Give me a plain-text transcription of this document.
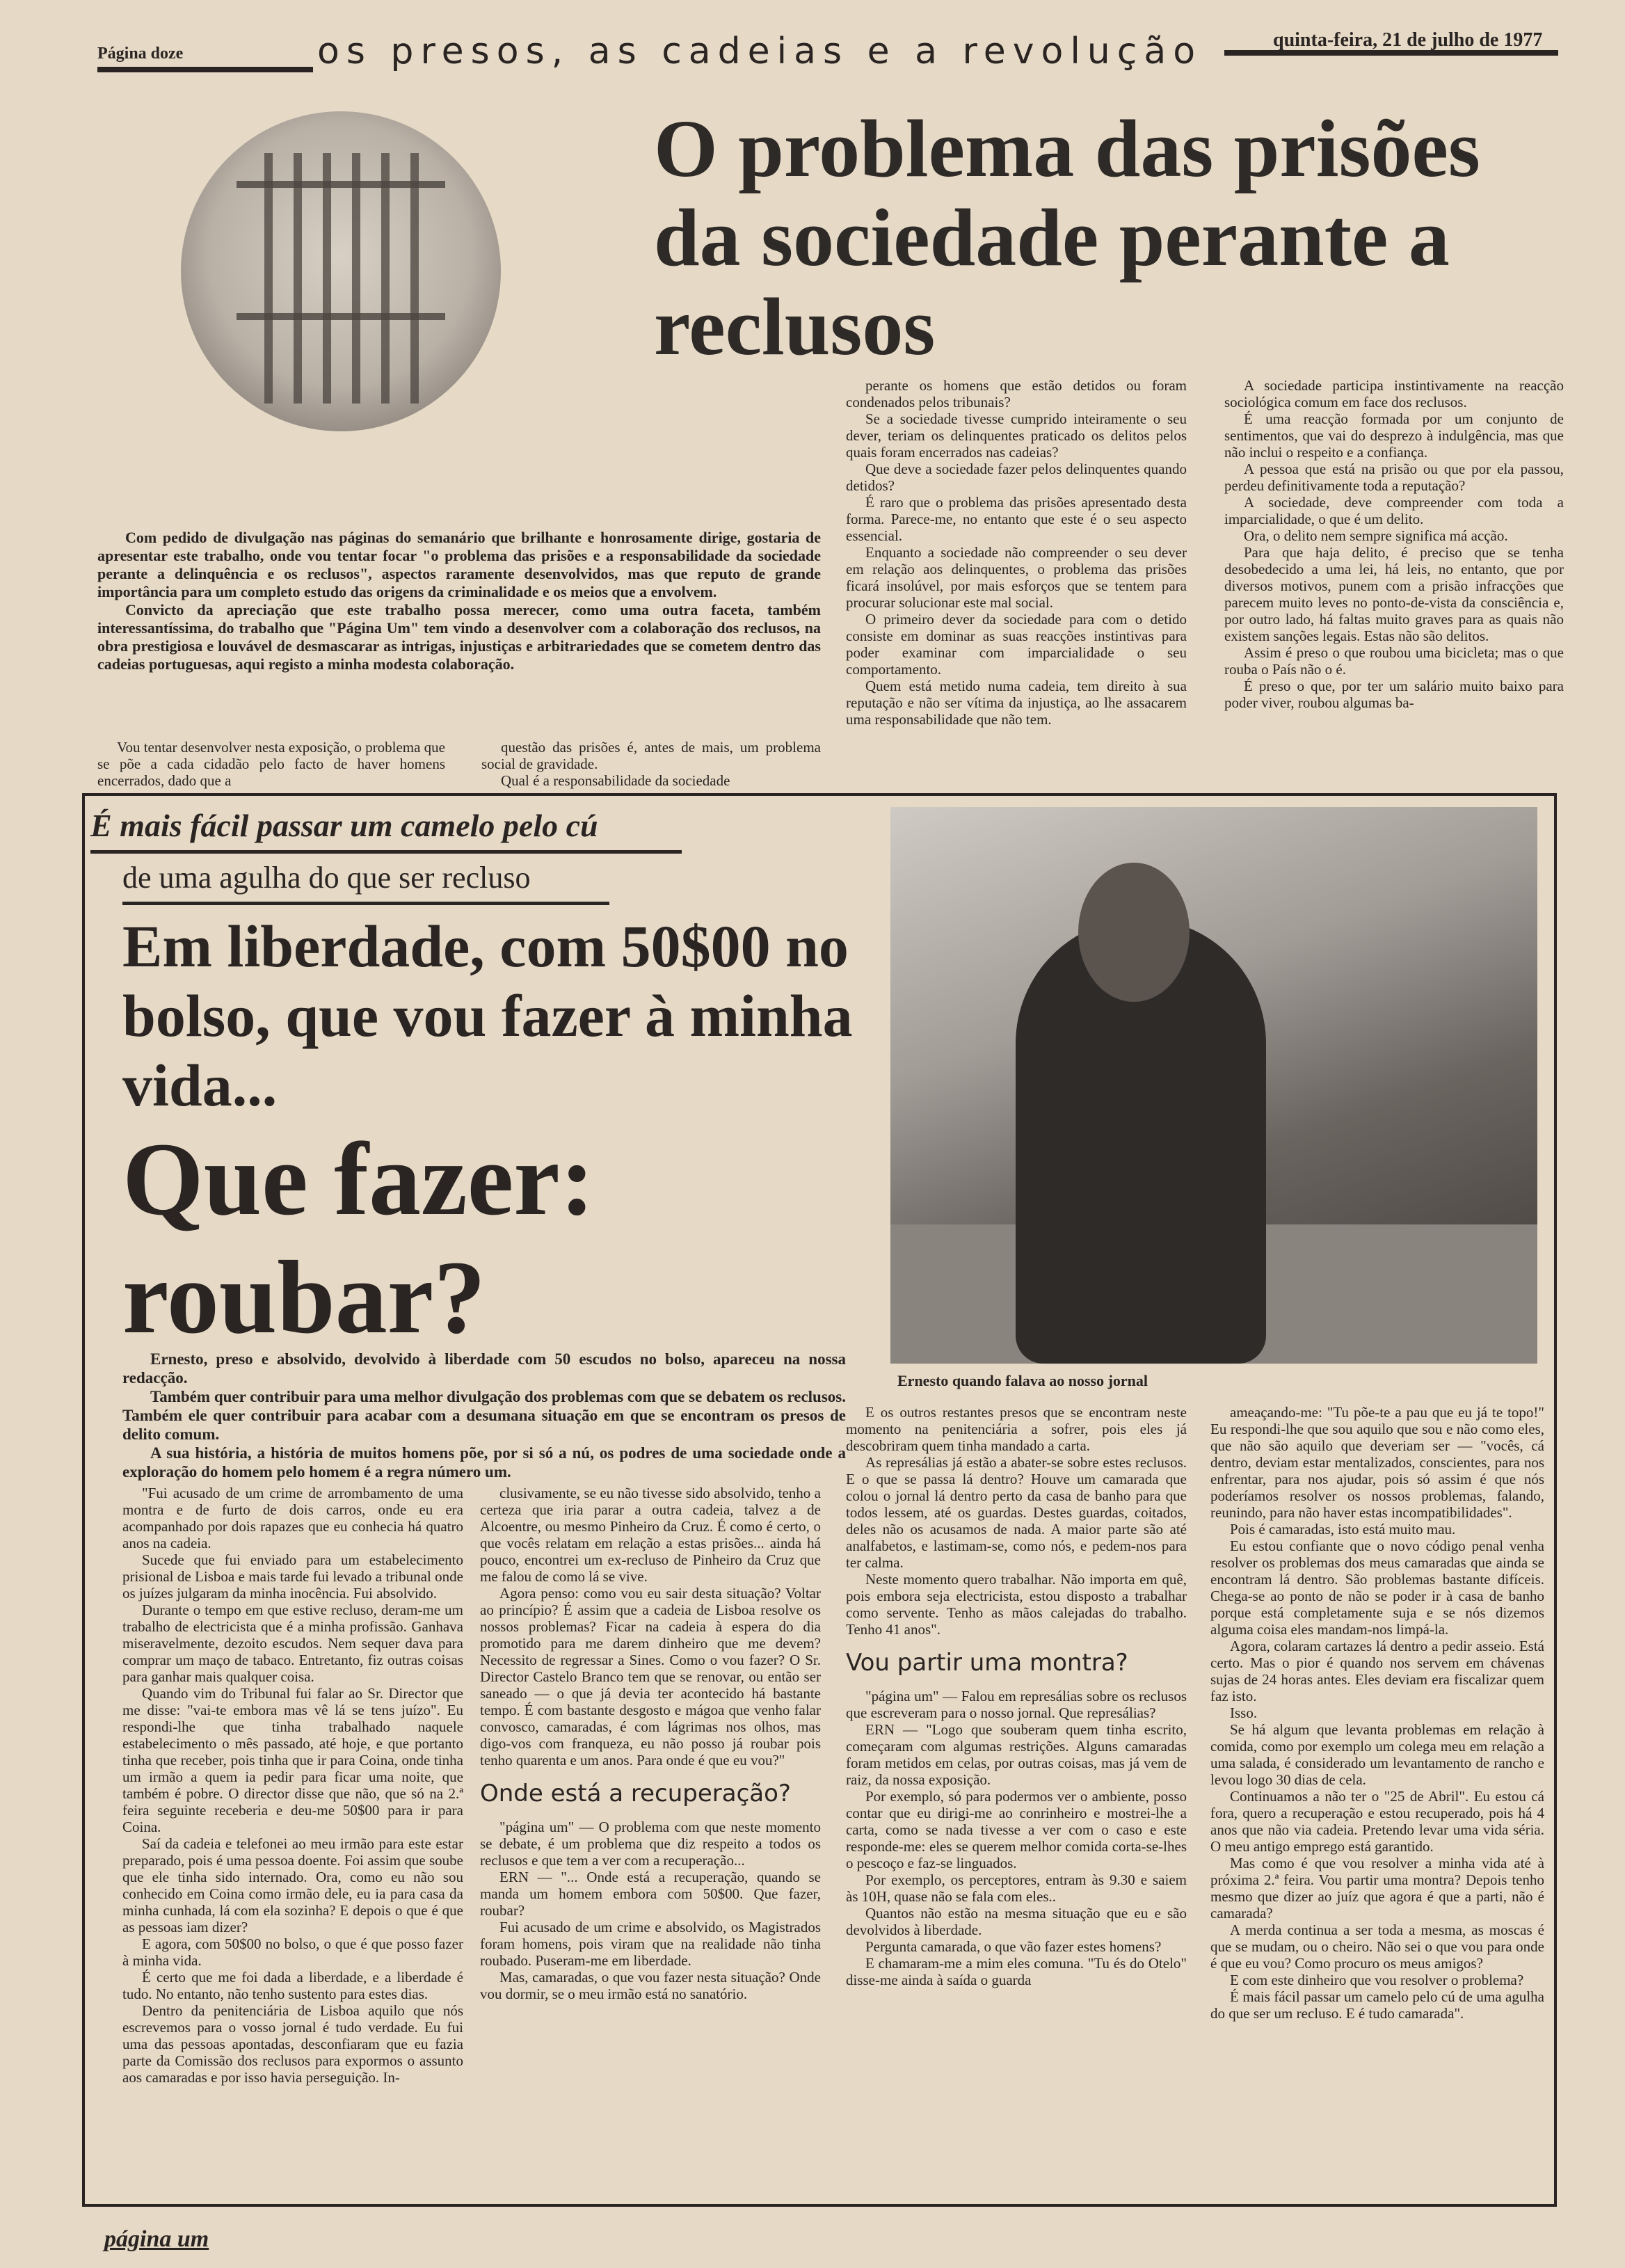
Página doze	os presos, as cadeias e a revolução	quinta-feira, 21 de julho de 1977
O problema das prisões da sociedade perante a reclusos

Com pedido de divulgação nas páginas do semanário que brilhante e honrosamente dirige, gostaria de apresentar este trabalho, onde vou tentar focar "o problema das prisões e a responsabilidade da sociedade perante a delinquência e os reclusos", aspectos raramente desenvolvidos, mas que reputo de grande importância para um completo estudo das origens da criminalidade e os meios que a envolvem.

Convicto da apreciação que este trabalho possa merecer, como uma outra faceta, também interessantíssima, do trabalho que "Página Um" tem vindo a desenvolver com a colaboração dos reclusos, na obra prestigiosa e louvável de desmascarar as intrigas, injustiças e arbitrariedades que se cometem dentro das cadeias portuguesas, aqui registo a minha modesta colaboração.

Vou tentar desenvolver nesta exposição, o problema que se põe a cada cidadão pelo facto de haver homens encerrados, dado que a

questão das prisões é, antes de mais, um problema social de gravidade.

Qual é a responsabilidade da sociedade

perante os homens que estão detidos ou foram condenados pelos tribunais?

Se a sociedade tivesse cumprido inteiramente o seu dever, teriam os delinquentes praticado os delitos pelos quais foram encerrados nas cadeias?

Que deve a sociedade fazer pelos delinquentes quando detidos?

É raro que o problema das prisões apresentado desta forma. Parece-me, no entanto que este é o seu aspecto essencial.

Enquanto a sociedade não compreender o seu dever em relação aos delinquentes, o problema das prisões ficará insolúvel, por mais esforços que se tentem para procurar solucionar este mal social.

O primeiro dever da sociedade para com o detido consiste em dominar as suas reacções instintivas para poder examinar com imparcialidade o seu comportamento.

Quem está metido numa cadeia, tem direito à sua reputação e não ser vítima da injustiça, ao lhe assacarem uma responsabilidade que não tem.

A sociedade participa instintivamente na reacção sociológica comum em face dos reclusos.

É uma reacção formada por um conjunto de sentimentos, que vai do desprezo à indulgência, mas que não inclui o respeito e a confiança.

A pessoa que está na prisão ou que por ela passou, perdeu definitivamente toda a reputação?

A sociedade, deve compreender com toda a imparcialidade, o que é um delito.

Ora, o delito nem sempre significa má acção.

Para que haja delito, é preciso que se tenha desobedecido a uma lei, há leis, no entanto, que por diversos motivos, punem com a prisão infracções que parecem muito leves no ponto-de-vista da consciência e, por outro lado, há faltas muito graves para as quais não existem sanções legais. Estas não são delitos.

Assim é preso o que roubou uma bicicleta; mas o que rouba o País não o é.

É preso o que, por ter um salário muito baixo para poder viver, roubou algumas ba-

É mais fácil passar um camelo pelo cú
de uma agulha do que ser recluso
Em liberdade, com 50$00 no bolso, que vou fazer à minha vida...
Que fazer: roubar?
Ernesto quando falava ao nosso jornal

Ernesto, preso e absolvido, devolvido à liberdade com 50 escudos no bolso, apareceu na nossa redacção.

Também quer contribuir para uma melhor divulgação dos problemas com que se debatem os reclusos. Também ele quer contribuir para acabar com a desumana situação em que se encontram os presos de delito comum.

A sua história, a história de muitos homens põe, por si só a nú, os podres de uma sociedade onde a exploração do homem pelo homem é a regra número um.

"Fui acusado de um crime de arrombamento de uma montra e de furto de dois carros, onde eu era acompanhado por dois rapazes que eu conhecia há quatro anos na cadeia.

Sucede que fui enviado para um estabelecimento prisional de Lisboa e mais tarde fui levado a tribunal onde os juízes julgaram da minha inocência. Fui absolvido.

Durante o tempo em que estive recluso, deram-me um trabalho de electricista que é a minha profissão. Ganhava miseravelmente, dezoito escudos. Nem sequer dava para comprar um maço de tabaco. Entretanto, fiz outras coisas para ganhar mais qualquer coisa.

Quando vim do Tribunal fui falar ao Sr. Director que me disse: "vai-te embora mas vê lá se tens juízo". Eu respondi-lhe que tinha trabalhado naquele estabelecimento o mês passado, até hoje, e que portanto tinha que receber, pois tinha que ir para Coina, onde tinha um irmão a quem ia pedir para ficar uma noite, que também é pobre. O director disse que não, que só na 2.ª feira seguinte receberia e deu-me 50$00 para ir para Coina.

Saí da cadeia e telefonei ao meu irmão para este estar preparado, pois é uma pessoa doente. Foi assim que soube que ele tinha sido internado. Ora, como eu não sou conhecido em Coina como irmão dele, eu ia para casa da minha cunhada, lá com ela sozinha? E depois o que é que as pessoas iam dizer?

E agora, com 50$00 no bolso, o que é que posso fazer à minha vida.

É certo que me foi dada a liberdade, e a liberdade é tudo. No entanto, não tenho sustento para estes dias.

Dentro da penitenciária de Lisboa aquilo que nós escrevemos para o vosso jornal é tudo verdade. Eu fui uma das pessoas apontadas, desconfiaram que eu fazia parte da Comissão dos reclusos para expormos o assunto aos camaradas e por isso havia perseguição. In-

clusivamente, se eu não tivesse sido absolvido, tenho a certeza que iria parar a outra cadeia, talvez a de Alcoentre, ou mesmo Pinheiro da Cruz. É como é certo, o que vocês relatam em relação a estas prisões... ainda há pouco, encontrei um ex-recluso de Pinheiro da Cruz que me falou de como lá se vive.

Agora penso: como vou eu sair desta situação? Voltar ao princípio? É assim que a cadeia de Lisboa resolve os nossos problemas? Ficar na cadeia à espera do dia promotido para me darem dinheiro que me devem? Necessito de regressar a Sines. Como o vou fazer? O Sr. Director Castelo Branco tem que se renovar, ou então ser saneado — o que já devia ter acontecido há bastante tempo. É com bastante desgosto e mágoa que venho falar convosco, camaradas, é com lágrimas nos olhos, mas digo-vos com franqueza, eu não posso já roubar pois tenho quarenta e um anos. Para onde é que eu vou?"

Onde está a recuperação?

"página um" — O problema com que neste momento se debate, é um problema que diz respeito a todos os reclusos e que tem a ver com a recuperação...

ERN — "... Onde está a recuperação, quando se manda um homem embora com 50$00. Que fazer, roubar?

Fui acusado de um crime e absolvido, os Magistrados foram homens, pois viram que na realidade não tinha roubado. Puseram-me em liberdade.

Mas, camaradas, o que vou fazer nesta situação? Onde vou dormir, se o meu irmão está no sanatório.

E os outros restantes presos que se encontram neste momento na penitenciária a sofrer, pois eles já descobriram quem tinha mandado a carta.

As represálias já estão a abater-se sobre estes reclusos. E o que se passa lá dentro? Houve um camarada que colou o jornal lá dentro perto da casa de banho para que todos lessem, até os guardas. Destes guardas, coitados, deles não os acusamos de nada. A maior parte são até analfabetos, e lastimam-se, como nós, e pedem-nos para ter calma.

Neste momento quero trabalhar. Não importa em quê, pois embora seja electricista, estou disposto a trabalhar como servente. Tenho as mãos calejadas do trabalho. Tenho 41 anos".

Vou partir uma montra?

"página um" — Falou em represálias sobre os reclusos que escreveram para o nosso jornal. Que represálias?

ERN — "Logo que souberam quem tinha escrito, começaram com algumas restrições. Alguns camaradas foram metidos em celas, por outras coisas, mas já vem de raiz, da nossa exposição.

Por exemplo, só para podermos ver o ambiente, posso contar que eu dirigi-me ao conrinheiro e mostrei-lhe a carta, como se nada tivesse a ver com o caso e este responde-me: eles se querem melhor comida corta-se-lhes o pescoço e faz-se linguados.

Por exemplo, os perceptores, entram às 9.30 e saiem às 10H, quase não se fala com eles..

Quantos não estão na mesma situação que eu e são devolvidos à liberdade.

Pergunta camarada, o que vão fazer estes homens?

E chamaram-me a mim eles comuna. "Tu és do Otelo" disse-me ainda à saída o guarda

ameaçando-me: "Tu põe-te a pau que eu já te topo!" Eu respondi-lhe que sou aquilo que sou e não como eles, que não são aquilo que deveriam ser — "vocês, cá dentro, deviam estar mentalizados, conscientes, para nos enfrentar, para nos ajudar, pois só assim é que nós poderíamos resolver os nossos problemas, falando, reunindo, para não haver estas incompatibilidades".

Pois é camaradas, isto está muito mau.

Eu estou confiante que o novo código penal venha resolver os problemas dos meus camaradas que ainda se encontram lá dentro. São problemas bastante difíceis. Chega-se ao ponto de não se poder ir à casa de banho porque está completamente suja e se nós dizemos alguma coisa eles mandam-nos limpá-la.

Agora, colaram cartazes lá dentro a pedir asseio. Está certo. Mas o pior é quando nos servem em chávenas sujas de 24 horas antes. Eles deviam era fiscalizar quem faz isto.

Isso.

Se há algum que levanta problemas em relação à comida, como por exemplo um colega meu em relação a uma salada, é considerado um levantamento de rancho e levou logo 30 dias de cela.

Continuamos a não ter o "25 de Abril". Eu estou cá fora, quero a recuperação e estou recuperado, pois há 4 anos que não via cadeia. Pretendo levar uma vida séria. O meu antigo emprego está garantido.

Mas como é que vou resolver a minha vida até à próxima 2.ª feira. Vou partir uma montra? Depois tenho mesmo que dizer ao juíz que agora é que a parti, não é camarada?

A merda continua a ser toda a mesma, as moscas é que se mudam, ou o cheiro. Não sei o que vou para onde é que eu vou? Como procuro os meus amigos?

E com este dinheiro que vou resolver o problema?

É mais fácil passar um camelo pelo cú de uma agulha do que ser um recluso. E é tudo camarada".

página um
